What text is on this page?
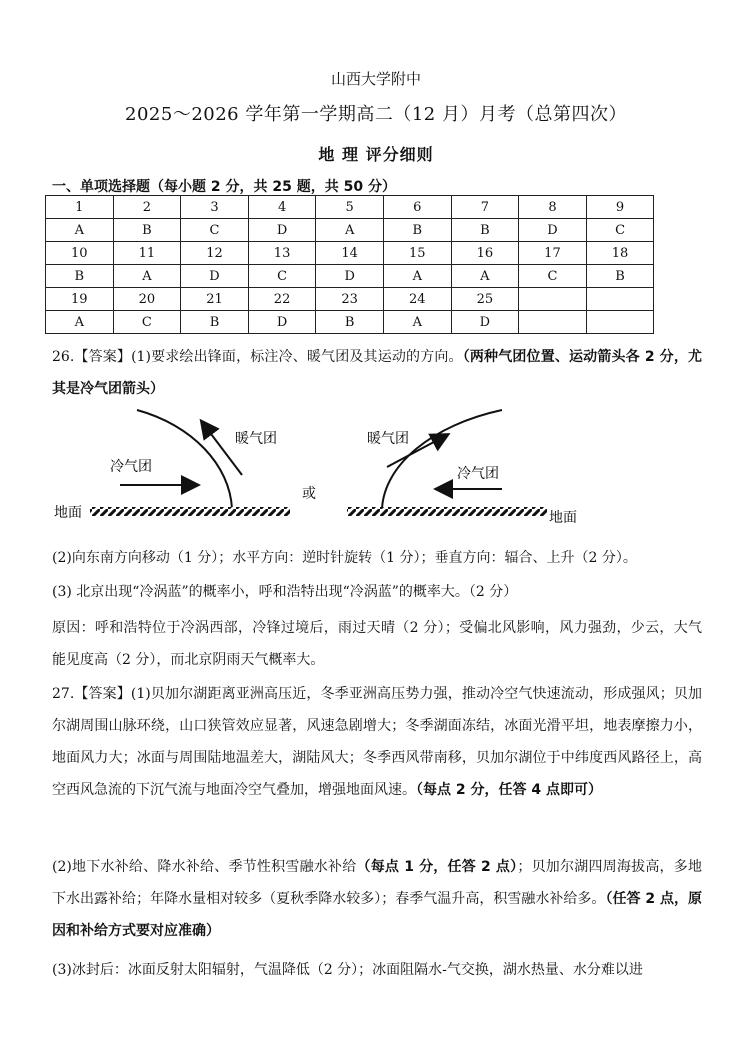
山西大学附中
2025～2026 学年第一学期高二（12 月）月考（总第四次）
地 理 评分细则
一、单项选择题（每小题 2 分，共 25 题，共 50 分）
1	2	3	4	5	6	7	8	9
A	B	C	D	A	B	B	D	C
10	11	12	13	14	15	16	17	18
B	A	D	C	D	A	A	C	B
19	20	21	22	23	24	25		
A	C	B	D	B	A	D		
26.【答案】(1)要求绘出锋面，标注冷、暖气团及其运动的方向。（两种气团位置、运动箭头各 2 分，尤其是冷气团箭头）
暖气团
冷气团
地面
或
暖气团
冷气团
地面
(2)向东南方向移动（1 分）；水平方向：逆时针旋转（1 分）；垂直方向：辐合、上升（2 分）。
(3) 北京出现“冷涡蓝”的概率小，呼和浩特出现“冷涡蓝”的概率大。（2 分）
原因：呼和浩特位于冷涡西部，冷锋过境后，雨过天晴（2 分）；受偏北风影响，风力强劲，少云，大气能见度高（2 分），而北京阴雨天气概率大。
27.【答案】(1)贝加尔湖距离亚洲高压近，冬季亚洲高压势力强，推动冷空气快速流动，形成强风；贝加尔湖周围山脉环绕，山口狭管效应显著，风速急剧增大；冬季湖面冻结，冰面光滑平坦，地表摩擦力小，地面风力大；冰面与周围陆地温差大，湖陆风大；冬季西风带南移，贝加尔湖位于中纬度西风路径上，高空西风急流的下沉气流与地面冷空气叠加，增强地面风速。（每点 2 分，任答 4 点即可）
(2)地下水补给、降水补给、季节性积雪融水补给（每点 1 分，任答 2 点）；贝加尔湖四周海拔高，多地下水出露补给；年降水量相对较多（夏秋季降水较多）；春季气温升高，积雪融水补给多。（任答 2 点，原因和补给方式要对应准确）
(3)冰封后：冰面反射太阳辐射，气温降低（2 分）；冰面阻隔水-气交换，湖水热量、水分难以进
